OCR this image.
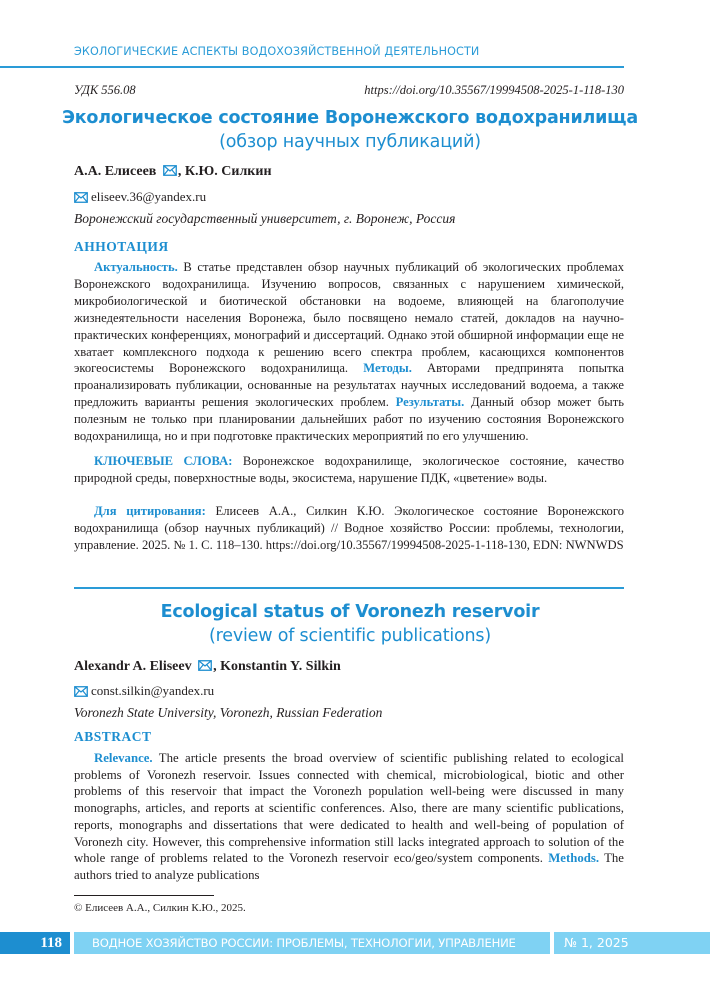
ЭКОЛОГИЧЕСКИЕ АСПЕКТЫ ВОДОХОЗЯЙСТВЕННОЙ ДЕЯТЕЛЬНОСТИ
УДК 556.08	https://doi.org/10.35567/19994508-2025-1-118-130
Экологическое состояние Воронежского водохранилища
(обзор научных публикаций)
А.А. Елисеев , К.Ю. Силкин
eliseev.36@yandex.ru
Воронежский государственный университет, г. Воронеж, Россия
АННОТАЦИЯ
Актуальность. В статье представлен обзор научных публикаций об экологических проблемах Воронежского водохранилища. Изучению вопросов, связанных с нарушением химической, микробиологической и биотической обстановки на водоеме, влияющей на благополучие жизнедеятельности населения Воронежа, было посвящено немало статей, докладов на научно-практических конференциях, монографий и диссертаций. Однако этой обширной информации еще не хватает комплексного подхода к решению всего спектра проблем, касающихся компонентов экогеосистемы Воронежского водохранилища. Методы. Авторами предпринята попытка проанализировать публикации, основанные на результатах научных исследований водоема, а также предложить варианты решения экологических проблем. Результаты. Данный обзор может быть полезным не только при планировании дальнейших работ по изучению состояния Воронежского водохранилища, но и при подготовке практических мероприятий по его улучшению.
КЛЮЧЕВЫЕ СЛОВА: Воронежское водохранилище, экологическое состояние, качество природной среды, поверхностные воды, экосистема, нарушение ПДК, «цветение» воды.
Для цитирования: Елисеев А.А., Силкин К.Ю. Экологическое состояние Воронежского водохранилища (обзор научных публикаций) // Водное хозяйство России: проблемы, технологии, управление. 2025. № 1. С. 118–130. https://doi.org/10.35567/19994508-2025-1-118-130, EDN: NWNWDS
Ecological status of Voronezh reservoir
(review of scientific publications)
Alexandr A. Eliseev , Konstantin Y. Silkin
const.silkin@yandex.ru
Voronezh State University, Voronezh, Russian Federation
ABSTRACT
Relevance. The article presents the broad overview of scientific publishing related to ecological problems of Voronezh reservoir. Issues connected with chemical, microbiological, biotic and other problems of this reservoir that impact the Voronezh population well-being were discussed in many monographs, articles, and reports at scientific conferences. Also, there are many scientific publications, reports, monographs and dissertations that were dedicated to health and well-being of population of Voronezh city. However, this comprehensive information still lacks integrated approach to solution of the whole range of problems related to the Voronezh reservoir eco/geo/system components. Methods. The authors tried to analyze publications
© Елисеев А.А., Силкин К.Ю., 2025.
118	ВОДНОЕ ХОЗЯЙСТВО РОССИИ: ПРОБЛЕМЫ, ТЕХНОЛОГИИ, УПРАВЛЕНИЕ	№ 1, 2025
